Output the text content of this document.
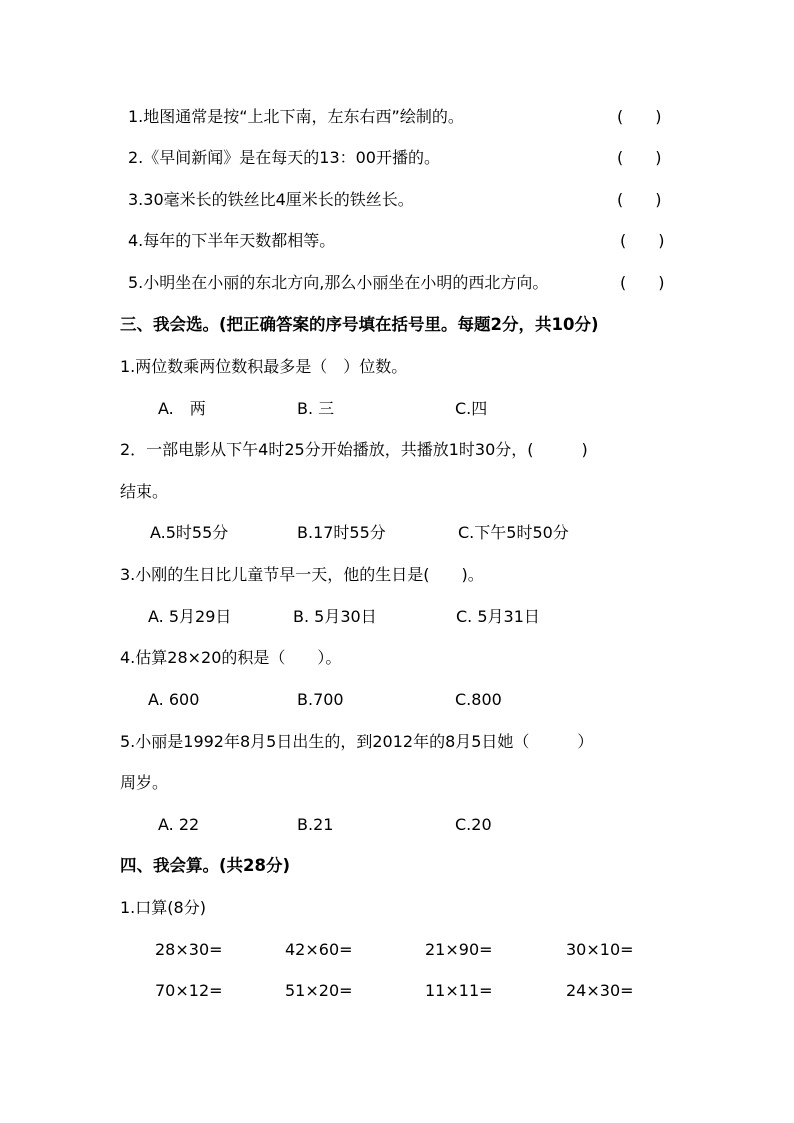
1.地图通常是按“上北下南，左东右西”绘制的。	(　　)
2.《早间新闻》是在每天的13：00开播的。	(　　)
3.30毫米长的铁丝比4厘米长的铁丝长。	(　　)
4.每年的下半年天数都相等。	(　　)
5.小明坐在小丽的东北方向,那么小丽坐在小明的西北方向。	(　　)
三、我会选。(把正确答案的序号填在括号里。每题2分，共10分)
1.两位数乘两位数积最多是（　）位数。
A.　两	B. 三	C.四
2．一部电影从下午4时25分开始播放，共播放1时30分，(　　　)
结束。
A.5时55分	B.17时55分	C.下午5时50分
3.小刚的生日比儿童节早一天，他的生日是(　　)。
A. 5月29日	B. 5月30日	C. 5月31日
4.估算28×20的积是（　　）。
A. 600	B.700	C.800
5.小丽是1992年8月5日出生的，到2012年的8月5日她（　　　）
周岁。
A. 22	B.21	C.20
四、我会算。(共28分)
1.口算(8分)
28×30=	42×60=	21×90=	30×10=
70×12=	51×20=	11×11=	24×30=
